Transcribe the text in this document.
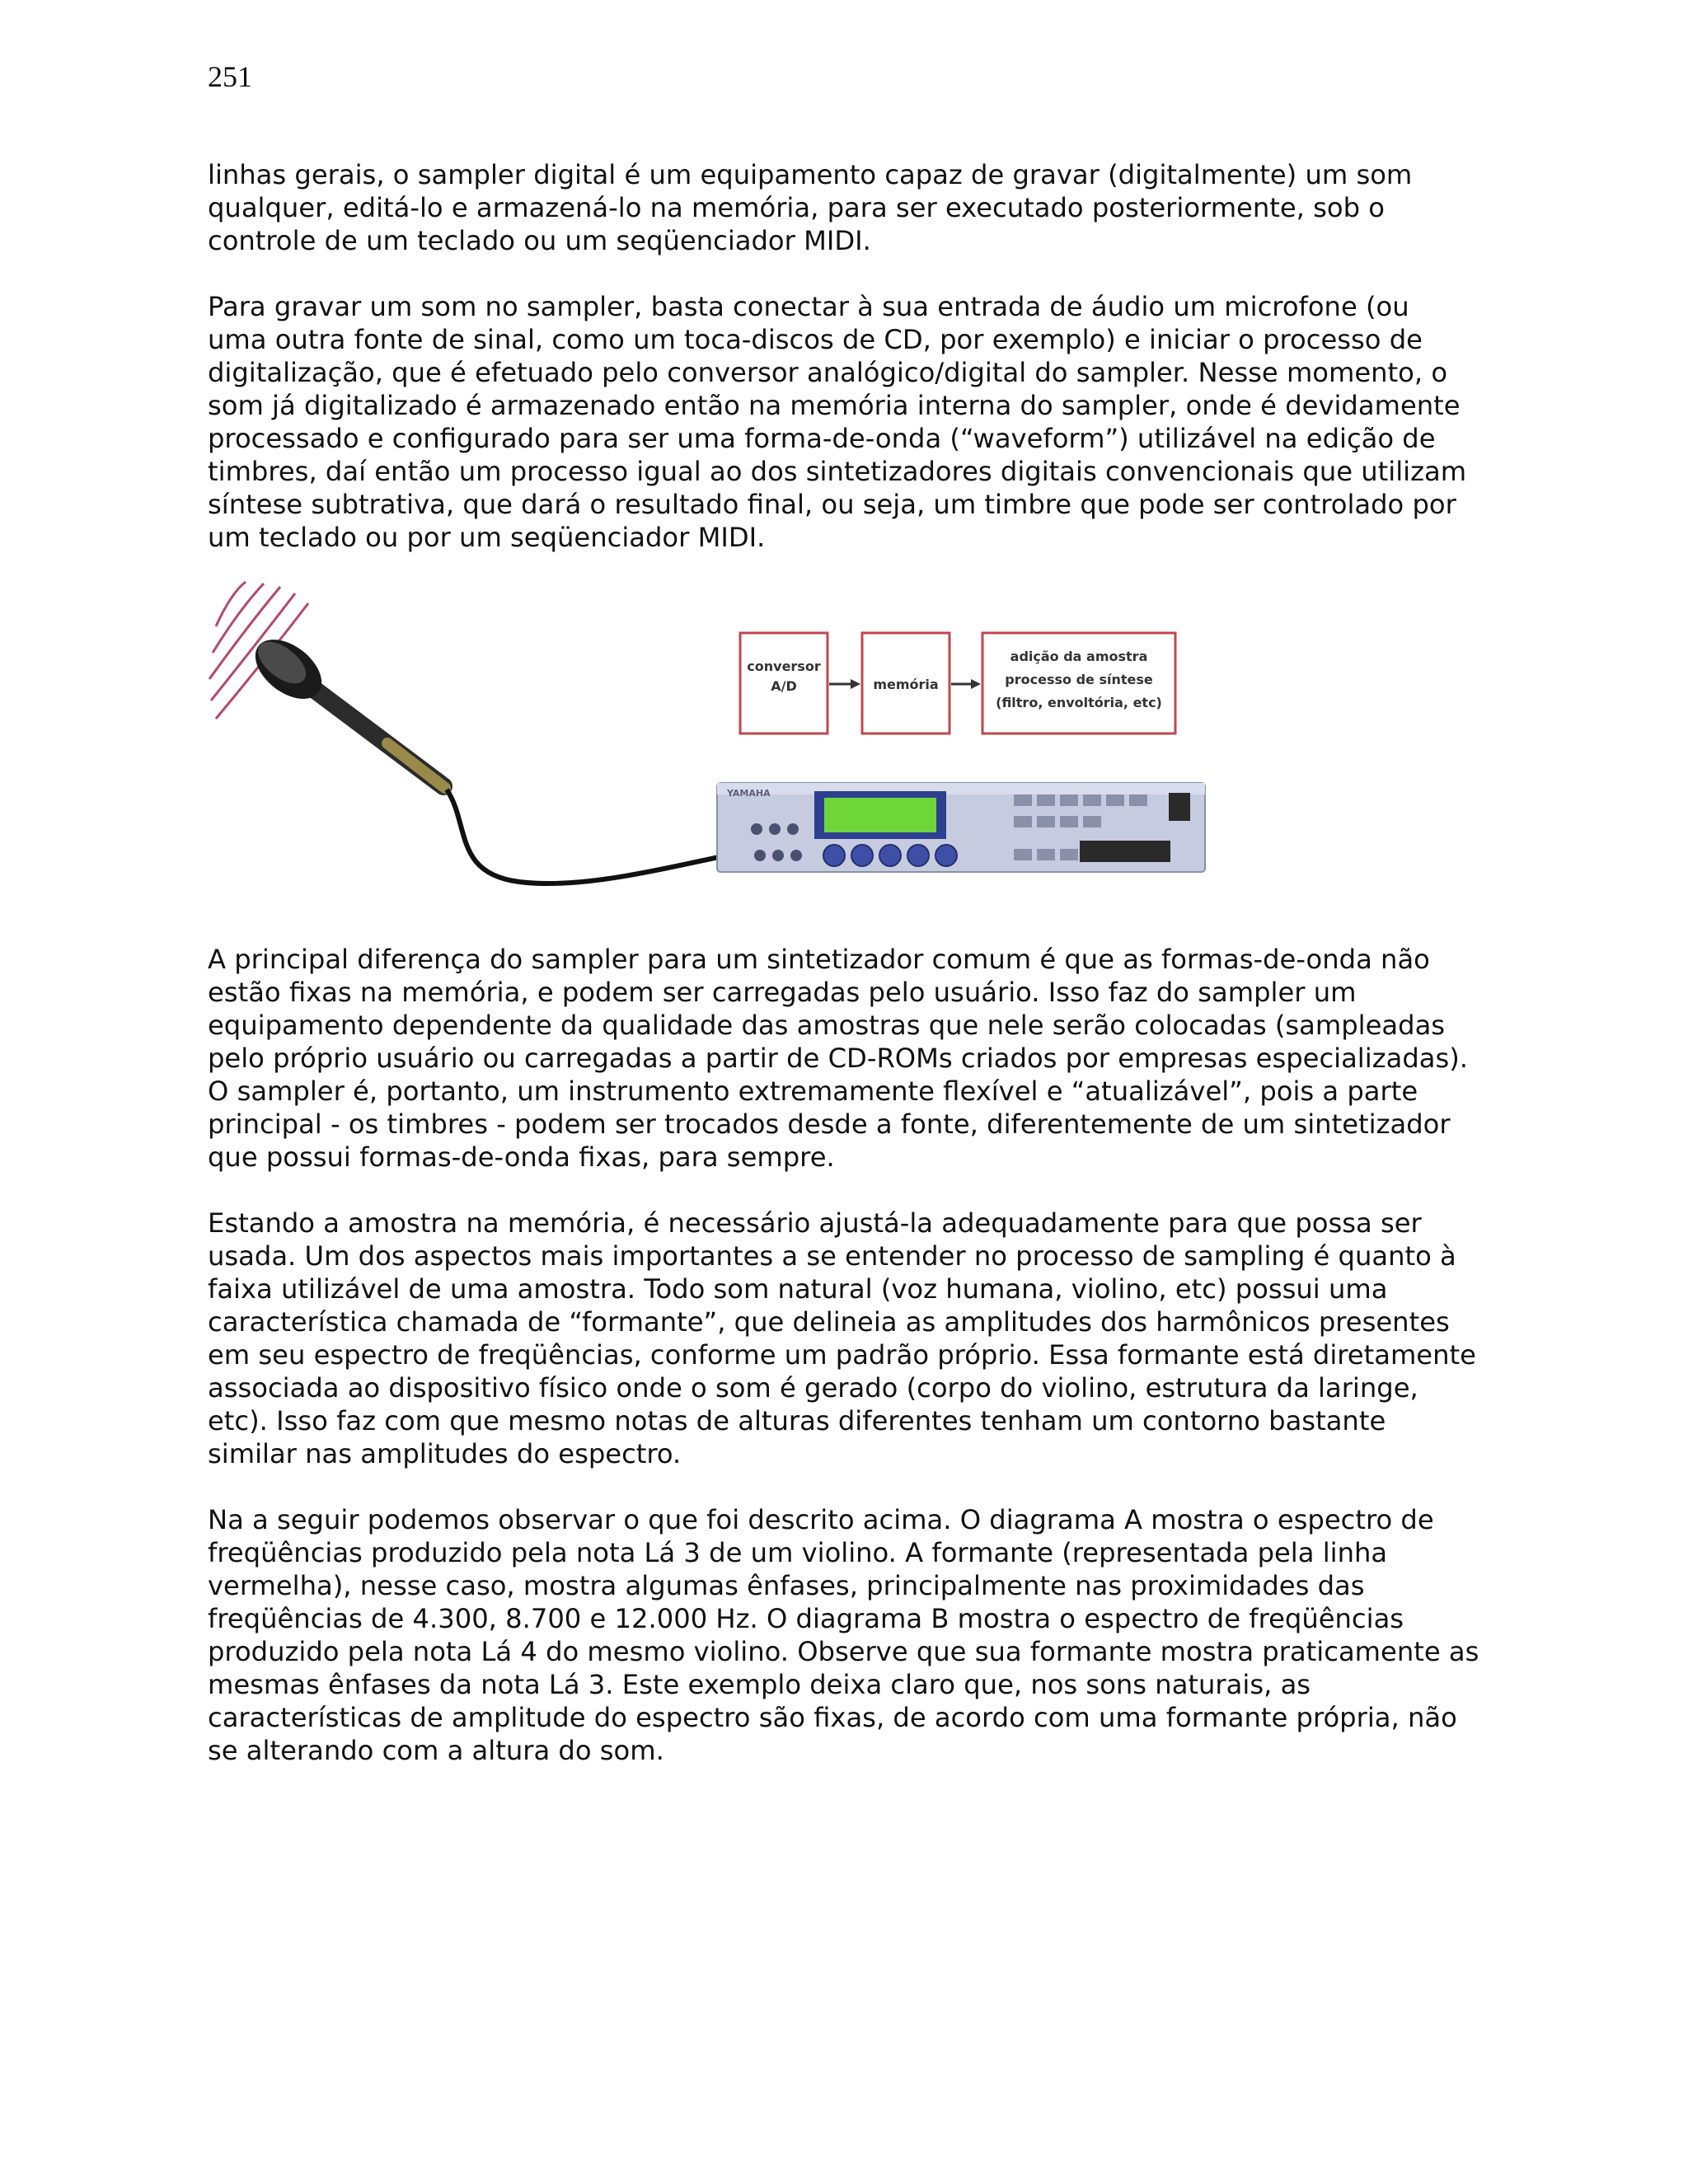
251
linhas gerais, o sampler digital é um equipamento capaz de gravar (digitalmente) um som
qualquer, editá-lo e armazená-lo na memória, para ser executado posteriormente, sob o
controle de um teclado ou um seqüenciador MIDI.
Para gravar um som no sampler, basta conectar à sua entrada de áudio um microfone (ou
uma outra fonte de sinal, como um toca-discos de CD, por exemplo) e iniciar o processo de
digitalização, que é efetuado pelo conversor analógico/digital do sampler. Nesse momento, o
som já digitalizado é armazenado então na memória interna do sampler, onde é devidamente
processado e configurado para ser uma forma-de-onda (“waveform”) utilizável na edição de
timbres, daí então um processo igual ao dos sintetizadores digitais convencionais que utilizam
síntese subtrativa, que dará o resultado final, ou seja, um timbre que pode ser controlado por
um teclado ou por um seqüenciador MIDI.
conversor
A/D	memória
adição da amostra
processo de síntese
(filtro, envoltória, etc)
YAMAHA
A principal diferença do sampler para um sintetizador comum é que as formas-de-onda não
estão fixas na memória, e podem ser carregadas pelo usuário. Isso faz do sampler um
equipamento dependente da qualidade das amostras que nele serão colocadas (sampleadas
pelo próprio usuário ou carregadas a partir de CD-ROMs criados por empresas especializadas).
O sampler é, portanto, um instrumento extremamente flexível e “atualizável”, pois a parte
principal - os timbres - podem ser trocados desde a fonte, diferentemente de um sintetizador
que possui formas-de-onda fixas, para sempre.
Estando a amostra na memória, é necessário ajustá-la adequadamente para que possa ser
usada. Um dos aspectos mais importantes a se entender no processo de sampling é quanto à
faixa utilizável de uma amostra. Todo som natural (voz humana, violino, etc) possui uma
característica chamada de “formante”, que delineia as amplitudes dos harmônicos presentes
em seu espectro de freqüências, conforme um padrão próprio. Essa formante está diretamente
associada ao dispositivo físico onde o som é gerado (corpo do violino, estrutura da laringe,
etc). Isso faz com que mesmo notas de alturas diferentes tenham um contorno bastante
similar nas amplitudes do espectro.
Na a seguir podemos observar o que foi descrito acima. O diagrama A mostra o espectro de
freqüências produzido pela nota Lá 3 de um violino. A formante (representada pela linha
vermelha), nesse caso, mostra algumas ênfases, principalmente nas proximidades das
freqüências de 4.300, 8.700 e 12.000 Hz. O diagrama B mostra o espectro de freqüências
produzido pela nota Lá 4 do mesmo violino. Observe que sua formante mostra praticamente as
mesmas ênfases da nota Lá 3. Este exemplo deixa claro que, nos sons naturais, as
características de amplitude do espectro são fixas, de acordo com uma formante própria, não
se alterando com a altura do som.
